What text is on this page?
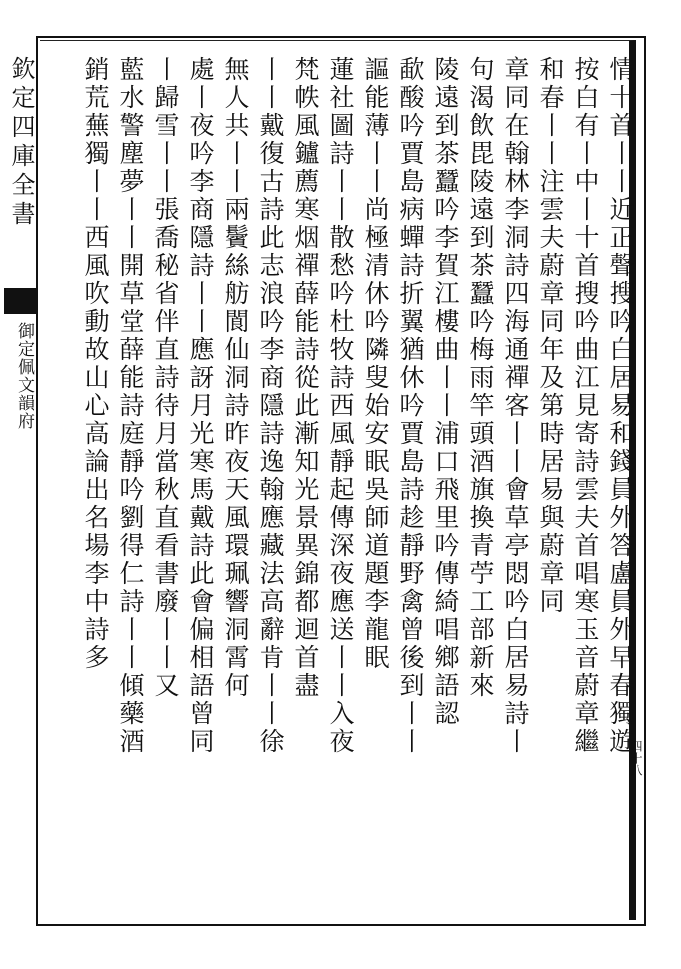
欽定四庫全書
御定佩文韻府
四十八
情十首丨丨近正聲搜吟白居易和錢員外答盧員外早春獨遊
按白有丨中丨十首搜吟曲江見寄詩雲夫首唱寒玉音蔚章繼
和春丨丨注雲夫蔚章同年及第時居易與蔚章同
章同在翰林李洞詩四海通禪客丨丨會草亭悶吟白居易詩丨
句渴飲毘陵遠到茶蠶吟梅雨竿頭酒旗換青苧工部新來
陵遠到茶蠶吟李賀江樓曲丨丨浦口飛里吟傳綺唱鄉語認
歃酸吟賈島病蟬詩折翼猶休吟賈島詩趁靜野禽曾後到丨丨
謳能薄丨丨尚極清休吟隣叟始安眠吳師道題李龍眠
蓮社圖詩丨丨散愁吟杜牧詩西風靜起傳深夜應送丨丨入夜
梵帙風鑪薦寒烟禪薛能詩從此漸知光景異錦都迴首盡
丨丨戴復古詩此志浪吟李商隱詩逸翰應藏法高辭肯丨丨徐
無人共丨丨兩鬢絲舫閬仙洞詩昨夜天風環珮響洞霄何
處丨夜吟李商隱詩丨丨應訝月光寒馬戴詩此會偏相語曾同
丨歸雪丨丨張喬秘省伴直詩待月當秋直看書廢丨丨又
藍水警塵夢丨丨開草堂薛能詩庭靜吟劉得仁詩丨丨傾藥酒
銷荒蕪獨丨丨西風吹動故山心高論出名場李中詩多
